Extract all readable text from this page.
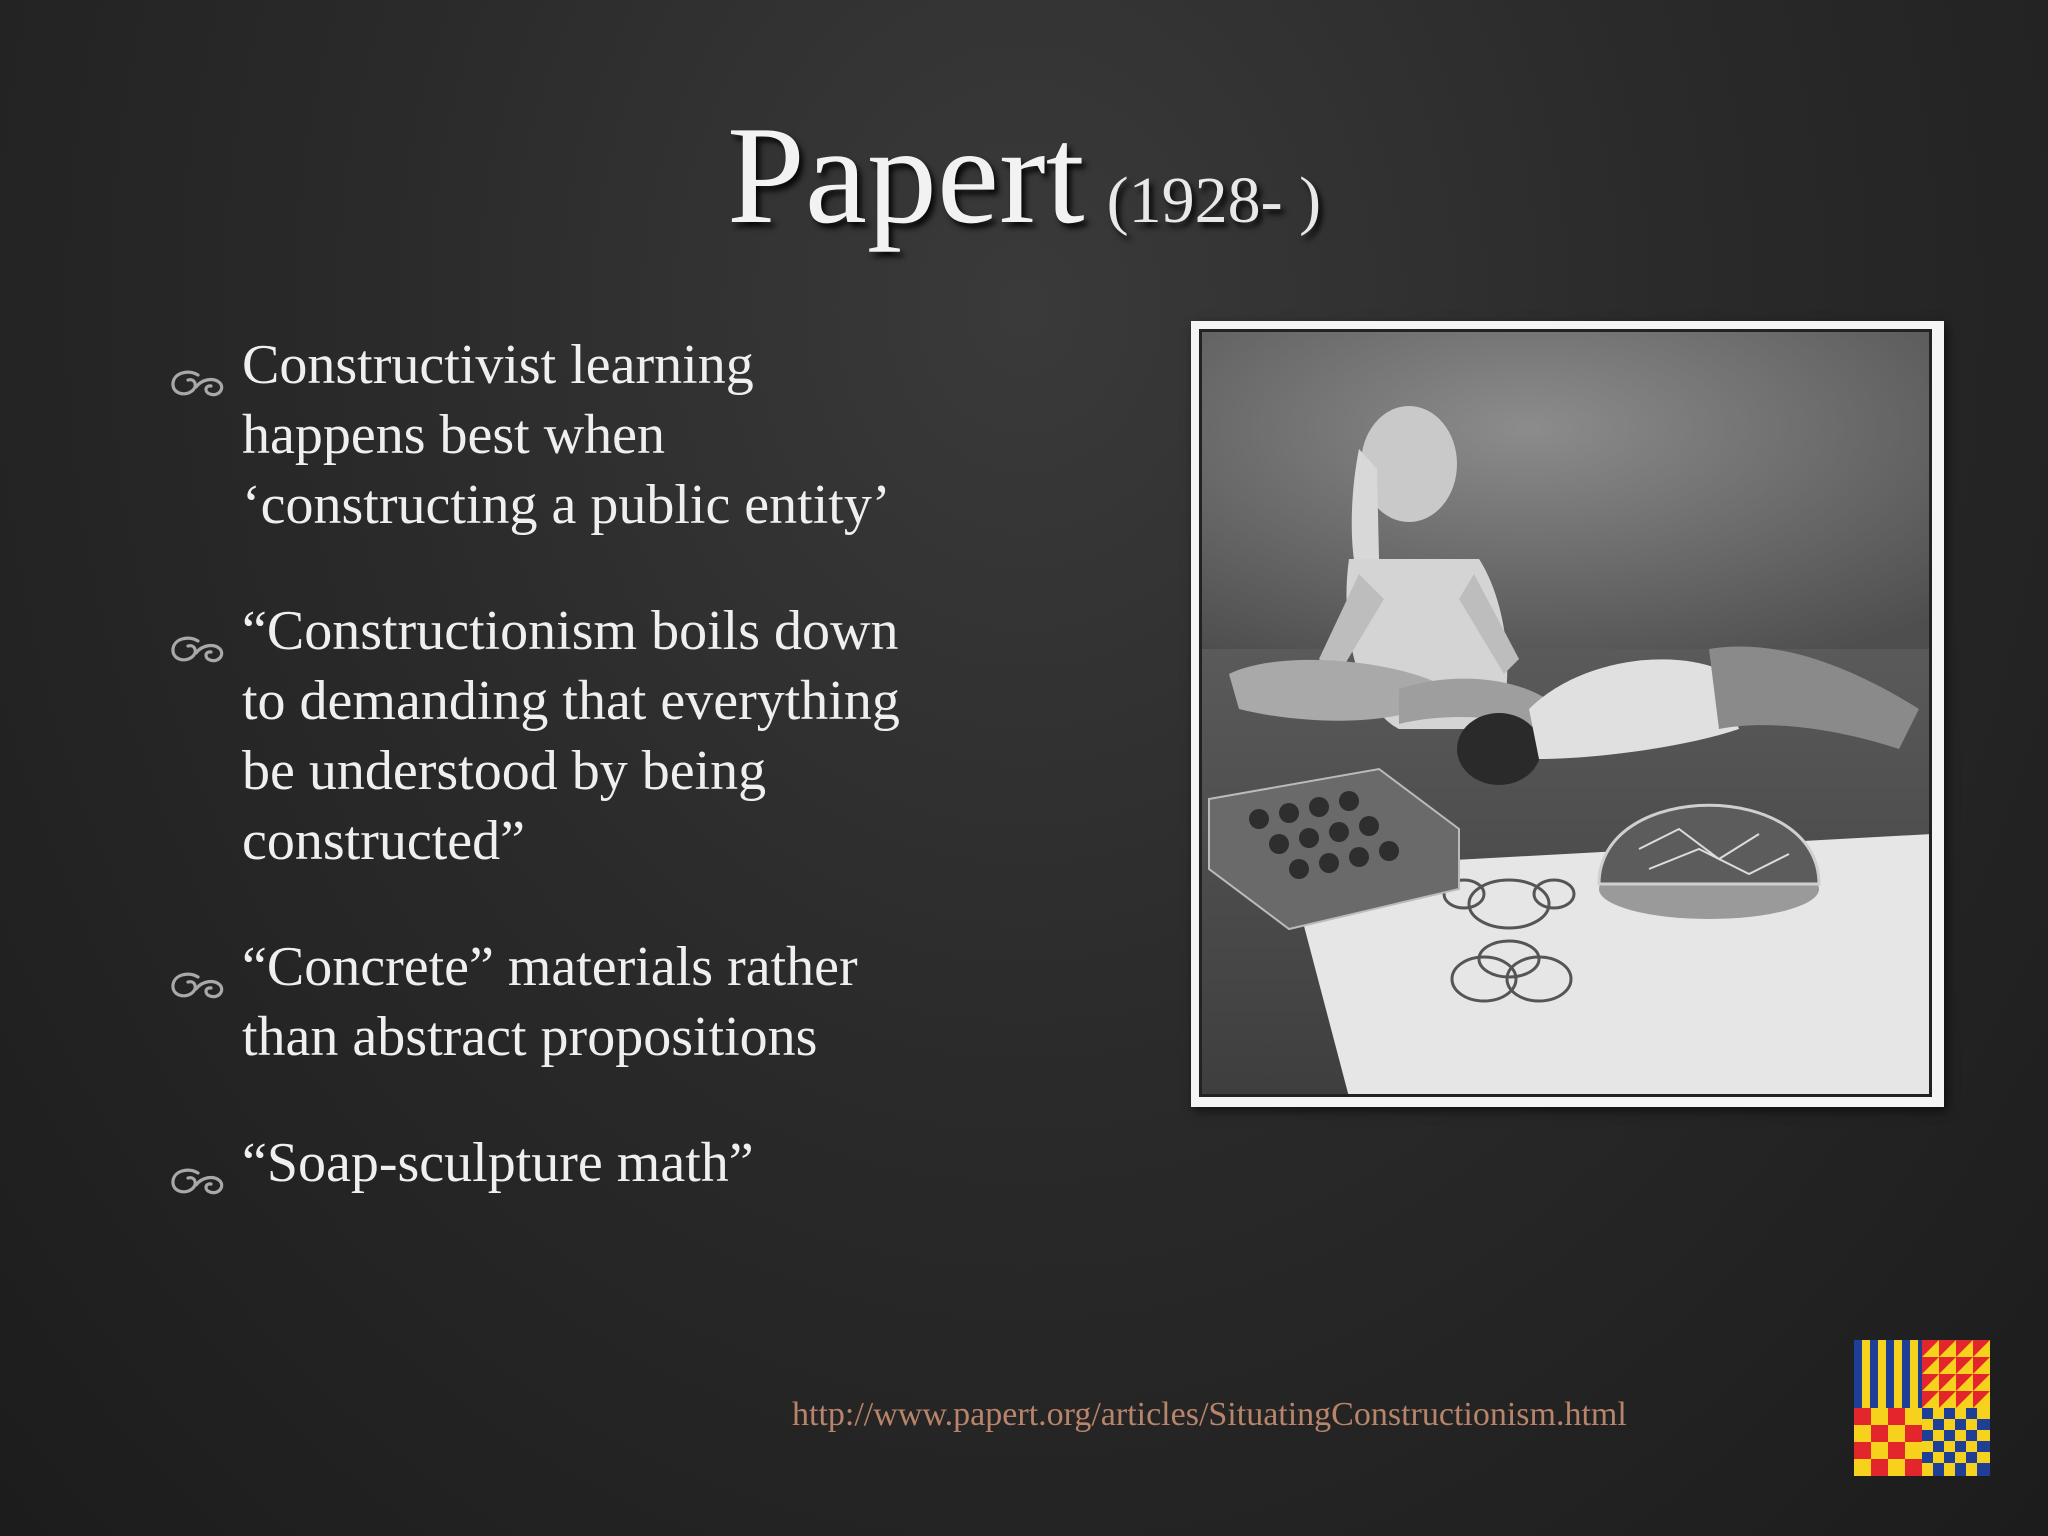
Papert (1928- )
Constructivist learning
happens best when
‘constructing a public entity’
“Constructionism boils down
to demanding that everything
be understood by being
constructed”
“Concrete” materials rather
than abstract propositions
“Soap-sculpture math”
http://www.papert.org/articles/SituatingConstructionism.html
